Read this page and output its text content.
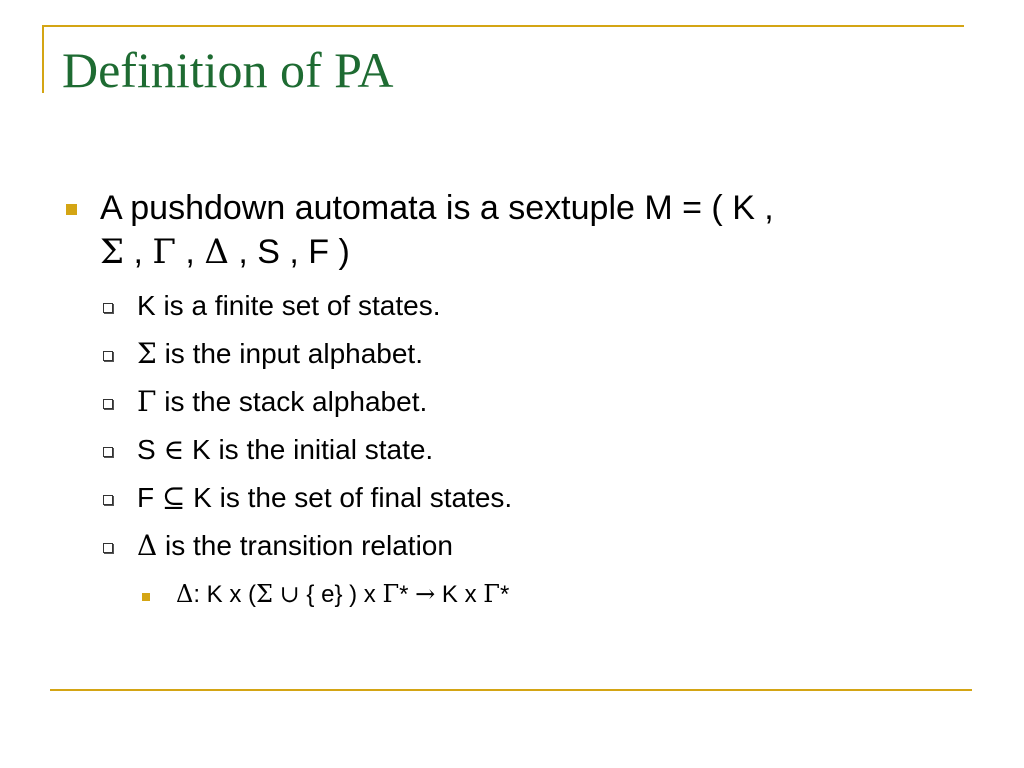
Definition of PA
A pushdown automata is a sextuple M = ( K ,
Σ , Γ , Δ , S , F )
K is a finite set of states.
Σ is the input alphabet.
Γ is the stack alphabet.
S ∈ K is the initial state.
F ⊆ K is the set of final states.
Δ is the transition relation
Δ: K x (Σ ∪ { e} ) x Γ* → K x Γ*
